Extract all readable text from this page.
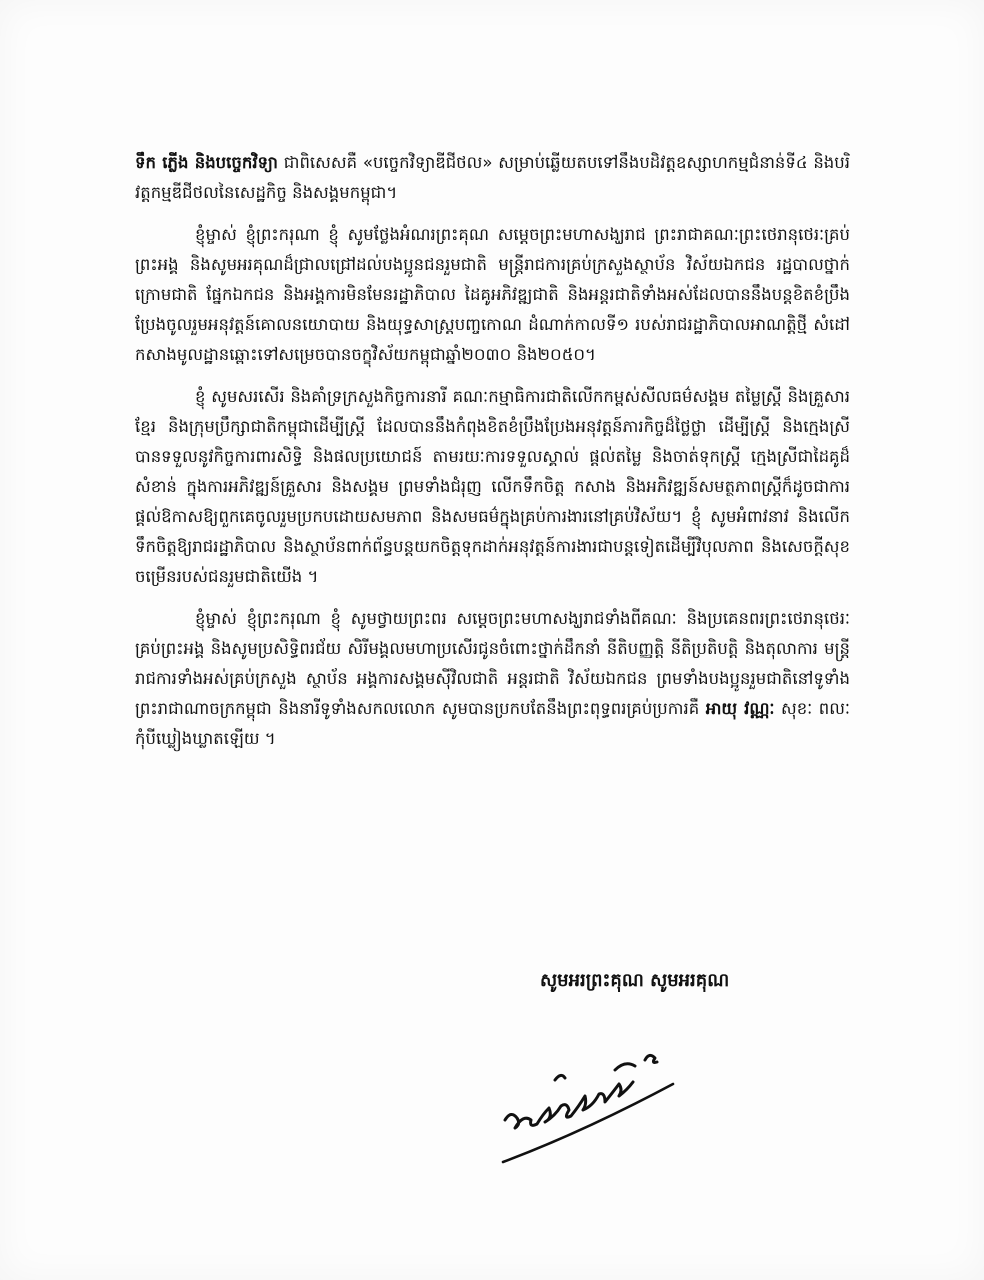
ទឹក ភ្លើង និងបច្ចេកវិទ្យា ជាពិសេសគឺ «បច្ចេកវិទ្យាឌីជីថល» សម្រាប់ឆ្លើយតបទៅនឹងបដិវត្តឧស្សាហកម្មជំនាន់ទី៤ និងបរិវត្តកម្មឌីជីថលនៃសេដ្ឋកិច្ច និងសង្គមកម្ពុជា។

ខ្ញុំម្ចាស់ ខ្ញុំព្រះករុណា ខ្ញុំ សូមថ្លែងអំណរព្រះគុណ សម្តេចព្រះមហាសង្ឃរាជ ព្រះរាជាគណៈព្រះថេរានុថេរៈគ្រប់ព្រះអង្គ និងសូមអរគុណដ៏ជ្រាលជ្រៅដល់បងប្អូនជនរួមជាតិ មន្ត្រីរាជការគ្រប់ក្រសួងស្ថាប័ន វិស័យឯកជន រដ្ឋបាលថ្នាក់ក្រោមជាតិ ផ្នែកឯកជន និងអង្គការមិនមែនរដ្ឋាភិបាល ដៃគូអភិវឌ្ឍជាតិ និងអន្តរជាតិទាំងអស់ដែលបាននឹងបន្តខិតខំប្រឹងប្រែងចូលរួមអនុវត្តន៍គោលនយោបាយ និងយុទ្ធសាស្ត្របញ្ចកោណ ដំណាក់កាលទី១ របស់រាជរដ្ឋាភិបាលអាណត្តិថ្មី សំដៅកសាងមូលដ្ឋានឆ្ពោះទៅសម្រេចបានចក្ខុវិស័យកម្ពុជាឆ្នាំ២០៣០ និង២០៥០។

ខ្ញុំ សូមសរសើរ និងគាំទ្រក្រសួងកិច្ចការនារី គណៈកម្មាធិការជាតិលើកកម្ពស់សីលធម៌សង្គម តម្លៃស្ត្រី និងគ្រួសារខ្មែរ និងក្រុមប្រឹក្សាជាតិកម្ពុជាដើម្បីស្ត្រី ដែលបាននឹងកំពុងខិតខំប្រឹងប្រែងអនុវត្តន៍ភារកិច្ចដ៏ថ្លៃថ្លា ដើម្បីស្ត្រី និងក្មេងស្រី បានទទួលនូវកិច្ចការពារសិទ្ធិ និងផលប្រយោជន៍ តាមរយៈការទទួលស្គាល់ ផ្តល់តម្លៃ និងចាត់ទុកស្ត្រី ក្មេងស្រីជាដៃគូដ៏សំខាន់ ក្នុងការអភិវឌ្ឍន៍គ្រួសារ និងសង្គម ព្រមទាំងជំរុញ លើកទឹកចិត្ត កសាង និងអភិវឌ្ឍន៍សមត្ថភាពស្ត្រីក៏ដូចជាការផ្តល់ឱកាសឱ្យពួកគេចូលរួមប្រកបដោយសមភាព និងសមធម៌ក្នុងគ្រប់ការងារនៅគ្រប់វិស័យ។ ខ្ញុំ សូមអំពាវនាវ និងលើកទឹកចិត្តឱ្យរាជរដ្ឋាភិបាល និងស្ថាប័នពាក់ព័ន្ធបន្តយកចិត្តទុកដាក់អនុវត្តន៍ការងារជាបន្តទៀតដើម្បីវិបុលភាព និងសេចក្តីសុខចម្រើនរបស់ជនរួមជាតិយើង ។

ខ្ញុំម្ចាស់ ខ្ញុំព្រះករុណា ខ្ញុំ សូមថ្វាយព្រះពរ សម្តេចព្រះមហាសង្ឃរាជទាំងពីគណៈ និងប្រគេនពរព្រះថេរានុថេរៈគ្រប់ព្រះអង្គ និងសូមប្រសិទ្ធិពរជ័យ សិរីមង្គលមហាប្រសើរជូនចំពោះថ្នាក់ដឹកនាំ នីតិបញ្ញត្តិ នីតិប្រតិបត្តិ និងតុលាការ មន្ត្រីរាជការទាំងអស់គ្រប់ក្រសួង ស្ថាប័ន អង្គការសង្គមស៊ីវិលជាតិ អន្តរជាតិ វិស័យឯកជន ព្រមទាំងបងប្អូនរួមជាតិនៅទូទាំងព្រះរាជាណាចក្រកម្ពុជា និងនារីទូទាំងសកលលោក សូមបានប្រកបតែនឹងព្រះពុទ្ធពរគ្រប់ប្រការគឺ អាយុ វណ្ណៈ សុខៈ ពលៈ កុំបីឃ្លៀងឃ្លាតឡើយ ។

សូមអរព្រះគុណ សូមអរគុណ
